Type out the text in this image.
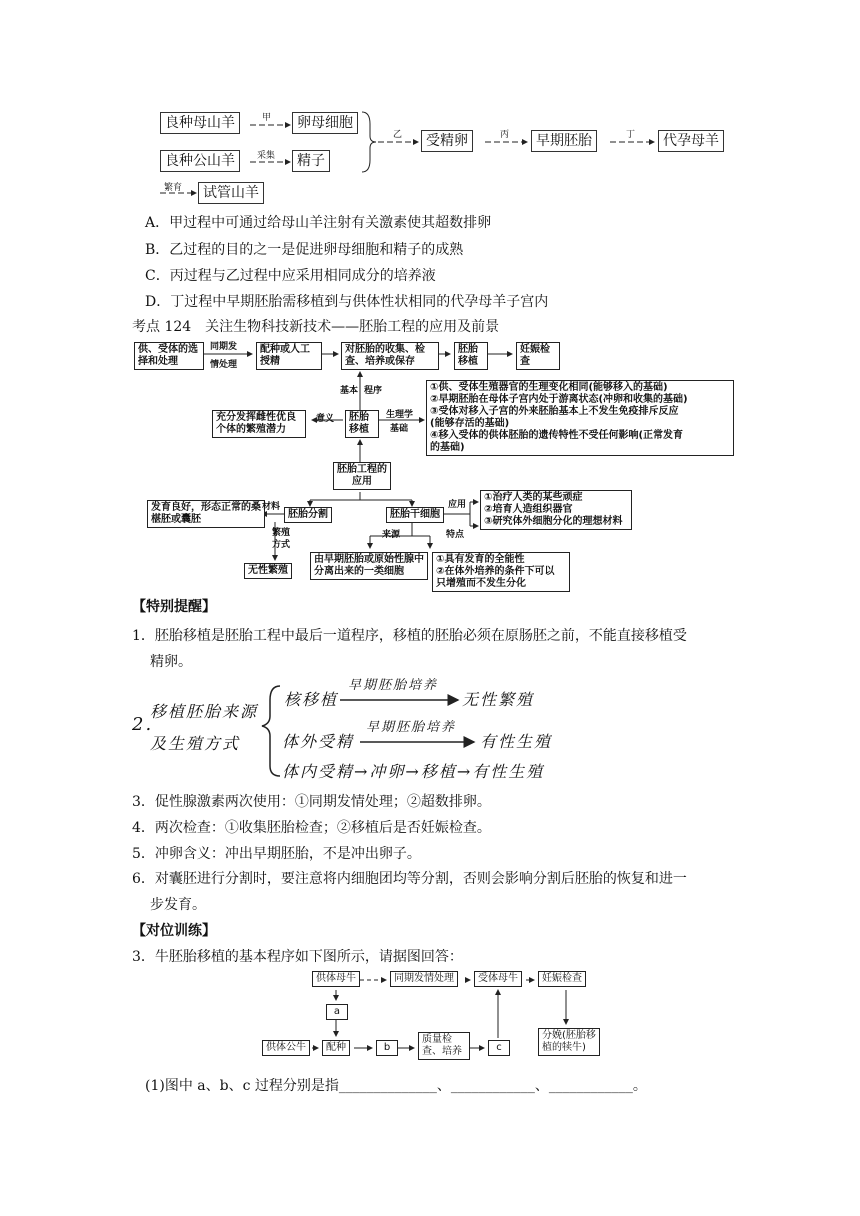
良种母山羊	甲	卵母细胞
良种公山羊	采集	精子
乙	受精卵	丙	早期胚胎	丁	代孕母羊
繁育	试管山羊
A．甲过程中可通过给母山羊注射有关激素使其超数排卵
B．乙过程的目的之一是促进卵母细胞和精子的成熟
C．丙过程与乙过程中应采用相同成分的培养液
D．丁过程中早期胚胎需移植到与供体性状相同的代孕母羊子宫内
考点 124　关注生物科技新技术——胚胎工程的应用及前景
供、受体的选择和处理
同期发
情处理
配种或人工授精
对胚胎的收集、检查、培养或保存
胚胎移植
妊娠检查
基本 程序
充分发挥雌性优良个体的繁殖潜力
意义	胚胎移植
生理学
基础
①供、受体生殖器官的生理变化相同(能够移入的基础)
②早期胚胎在母体子宫内处于游离状态(冲卵和收集的基础)
③受体对移入子宫的外来胚胎基本上不发生免疫排斥反应
(能够存活的基础)
④移入受体的供体胚胎的遗传特性不受任何影响(正常发育
的基础)
胚胎工程的应用
发育良好，形态正常的桑椹胚或囊胚
材料
胚胎分割	胚胎干细胞
应用
①治疗人类的某些顽症
②培育人造组织器官
③研究体外细胞分化的理想材料
繁殖
方式
无性繁殖
来源
由早期胚胎或原始性腺中分离出来的一类细胞
特点
①具有发育的全能性
②在体外培养的条件下可以
只增殖而不发生分化
【特别提醒】
1．胚胎移植是胚胎工程中最后一道程序，移植的胚胎必须在原肠胚之前，不能直接移植受
精卵。
2.
移植胚胎来源
及生殖方式
核移植
早期胚胎培养
无性繁殖
体外受精
早期胚胎培养
有性生殖
体内受精→冲卵→移植→有性生殖
3．促性腺激素两次使用：①同期发情处理；②超数排卵。
4．两次检查：①收集胚胎检查；②移植后是否妊娠检查。
5．冲卵含义：冲出早期胚胎，不是冲出卵子。
6．对囊胚进行分割时，要注意将内细胞团均等分割，否则会影响分割后胚胎的恢复和进一
步发育。
【对位训练】
3．牛胚胎移植的基本程序如下图所示，请据图回答：
供体母牛	同期发情处理	受体母牛	妊娠检查
a
供体公牛	配种	b
质量检查、培养	c
分娩(胚胎移植的犊牛)
(1)图中 a、b、c 过程分别是指______________、____________、____________。
